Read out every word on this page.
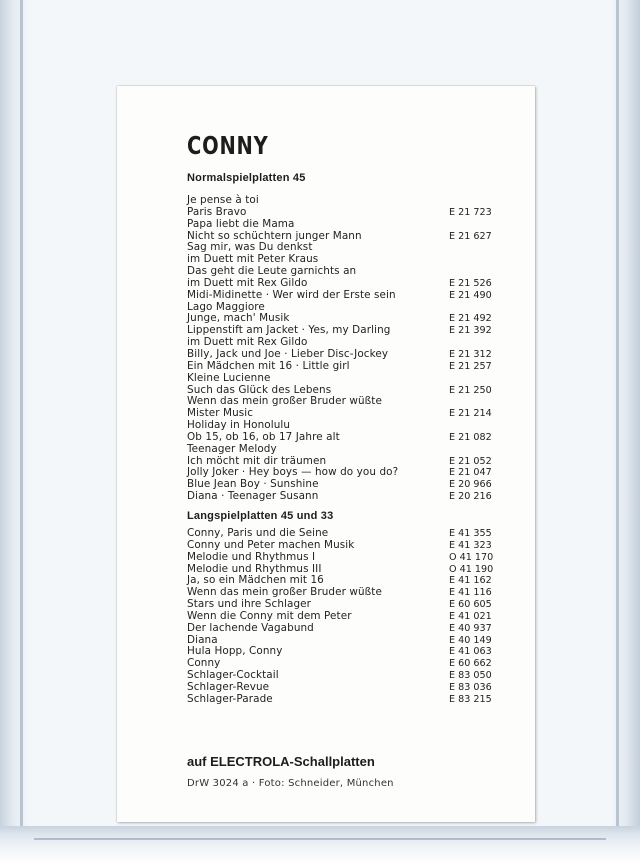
CONNY
Normalspielplatten 45
Je pense à toi
Paris Bravo	E 21 723
Papa liebt die Mama
Nicht so schüchtern junger Mann	E 21 627
Sag mir, was Du denkst
im Duett mit Peter Kraus
Das geht die Leute garnichts an
im Duett mit Rex Gildo	E 21 526
Midi-Midinette · Wer wird der Erste sein	E 21 490
Lago Maggiore
Junge, mach' Musik	E 21 492
Lippenstift am Jacket · Yes, my Darling	E 21 392
im Duett mit Rex Gildo
Billy, Jack und Joe · Lieber Disc-Jockey	E 21 312
Ein Mädchen mit 16 · Little girl	E 21 257
Kleine Lucienne
Such das Glück des Lebens	E 21 250
Wenn das mein großer Bruder wüßte
Mister Music	E 21 214
Holiday in Honolulu
Ob 15, ob 16, ob 17 Jahre alt	E 21 082
Teenager Melody
Ich möcht mit dir träumen	E 21 052
Jolly Joker · Hey boys — how do you do?	E 21 047
Blue Jean Boy · Sunshine	E 20 966
Diana · Teenager Susann	E 20 216
Langspielplatten 45 und 33
Conny, Paris und die Seine	E 41 355
Conny und Peter machen Musik	E 41 323
Melodie und Rhythmus I	O 41 170
Melodie und Rhythmus III	O 41 190
Ja, so ein Mädchen mit 16	E 41 162
Wenn das mein großer Bruder wüßte	E 41 116
Stars und ihre Schlager	E 60 605
Wenn die Conny mit dem Peter	E 41 021
Der lachende Vagabund	E 40 937
Diana	E 40 149
Hula Hopp, Conny	E 41 063
Conny	E 60 662
Schlager-Cocktail	E 83 050
Schlager-Revue	E 83 036
Schlager-Parade	E 83 215
auf ELECTROLA-Schallplatten
DrW 3024 a · Foto: Schneider, München
